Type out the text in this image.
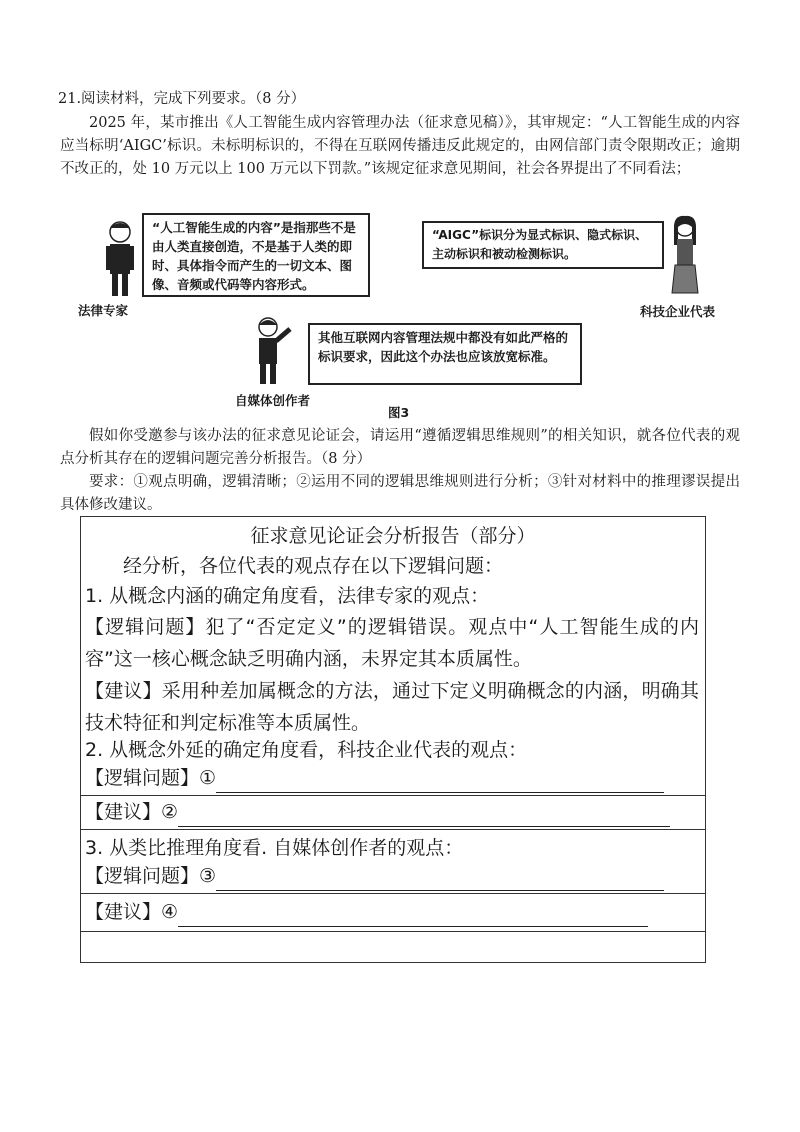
21.阅读材料，完成下列要求。（8 分）
2025 年，某市推出《人工智能生成内容管理办法（征求意见稿）》，其审规定：“人工智能生成的内容应当标明‘AIGC’标识。未标明标识的，不得在互联网传播违反此规定的，由网信部门责令限期改正；逾期不改正的，处 10 万元以上 100 万元以下罚款。”该规定征求意见期间，社会各界提出了不同看法；
法律专家
“人工智能生成的内容”是指那些不是由人类直接创造，不是基于人类的即时、具体指令而产生的一切文本、图像、音频或代码等内容形式。
“AIGC”标识分为显式标识、隐式标识、主动标识和被动检测标识。
科技企业代表
自媒体创作者
其他互联网内容管理法规中都没有如此严格的标识要求，因此这个办法也应该放宽标准。
图3
假如你受邀参与该办法的征求意见论证会，请运用“遵循逻辑思维规则”的相关知识，就各位代表的观点分析其存在的逻辑问题完善分析报告。（8 分）
要求：①观点明确，逻辑清晰；②运用不同的逻辑思维规则进行分析；③针对材料中的推理谬误提出具体修改建议。
征求意见论证会分析报告（部分）
经分析，各位代表的观点存在以下逻辑问题：
1. 从概念内涵的确定角度看，法律专家的观点：
【逻辑问题】犯了“否定定义”的逻辑错误。观点中“人工智能生成的内容”这一核心概念缺乏明确内涵，未界定其本质属性。
【建议】采用种差加属概念的方法，通过下定义明确概念的内涵，明确其技术特征和判定标准等本质属性。
2. 从概念外延的确定角度看，科技企业代表的观点：
【逻辑问题】①
【建议】②
3. 从类比推理角度看. 自媒体创作者的观点：
【逻辑问题】③
【建议】④
